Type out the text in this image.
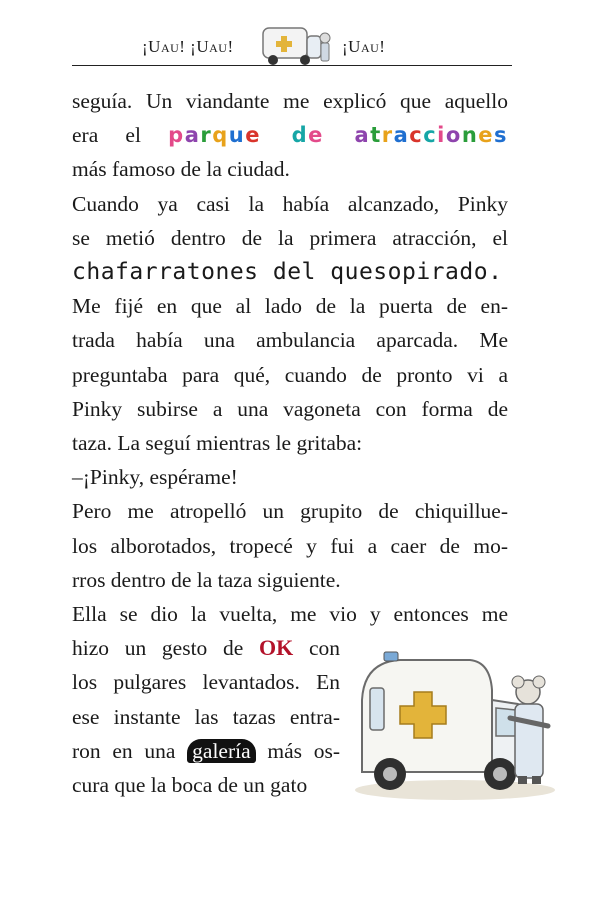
¡Uau! ¡Uau!	¡Uau!
seguía. Un viandante me explicó que aquello
era el parque de atracciones
más famoso de la ciudad.
Cuando ya casi la había alcanzado, Pinky
se metió dentro de la primera atracción, el
chafarratones del quesopirado.
Me fijé en que al lado de la puerta de en-
trada había una ambulancia aparcada. Me
preguntaba para qué, cuando de pronto vi a
Pinky subirse a una vagoneta con forma de
taza. La seguí mientras le gritaba:
–¡Pinky, espérame!
Pero me atropelló un grupito de chiquillue-
los alborotados, tropecé y fui a caer de mo-
rros dentro de la taza siguiente.
Ella se dio la vuelta, me vio y entonces me
hizo un gesto de OK con
los pulgares levantados. En
ese instante las tazas entra-
ron en una galería más os-
cura que la boca de un gato
